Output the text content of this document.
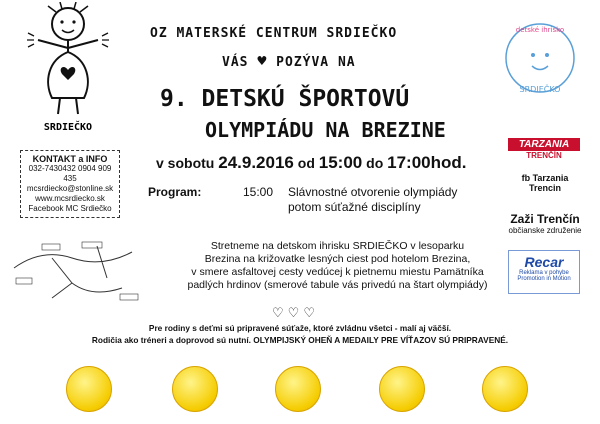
OZ MATERSKÉ CENTRUM SRDIEČKO
VÁS ♥ POZÝVA NA
9. DETSKÚ ŠPORTOVÚ
OLYMPIÁDU NA BREZINE
v sobotu 24.9.2016 od 15:00 do 17:00hod.
Program:	15:00 Slávnostné otvorenie olympiády
potom súťažné disciplíny
SRDIEČKO
KONTAKT a INFO
032-7430432 0904 909 435
mcsrdiecko@stonline.sk
www.mcsrdiecko.sk
Facebook MC Srdiečko
Stretneme na detskom ihrisku SRDIEČKO v lesoparku
Brezina na križovatke lesných ciest pod hotelom Brezina,
v smere asfaltovej cesty vedúcej k pietnemu miestu Pamätníka
padlých hrdinov (smerové tabule vás privedú na štart olympiády)
♡♡♡
Pre rodiny s deťmi sú pripravené súťaže, ktoré zvládnu všetci - malí aj väčší.
Rodičia ako tréneri a doprovod sú nutní. OLYMPIJSKÝ OHEŇ A MEDAILY PRE VÍŤAZOV SÚ PRIPRAVENÉ.
detské ihrisko
SRDIEČKO
TARZANIA
TRENČÍN
fb Tarzania Trencin
Zaži Trenčín
občianske združenie
Recar
Reklama v pohybe
Promotion in Motion
